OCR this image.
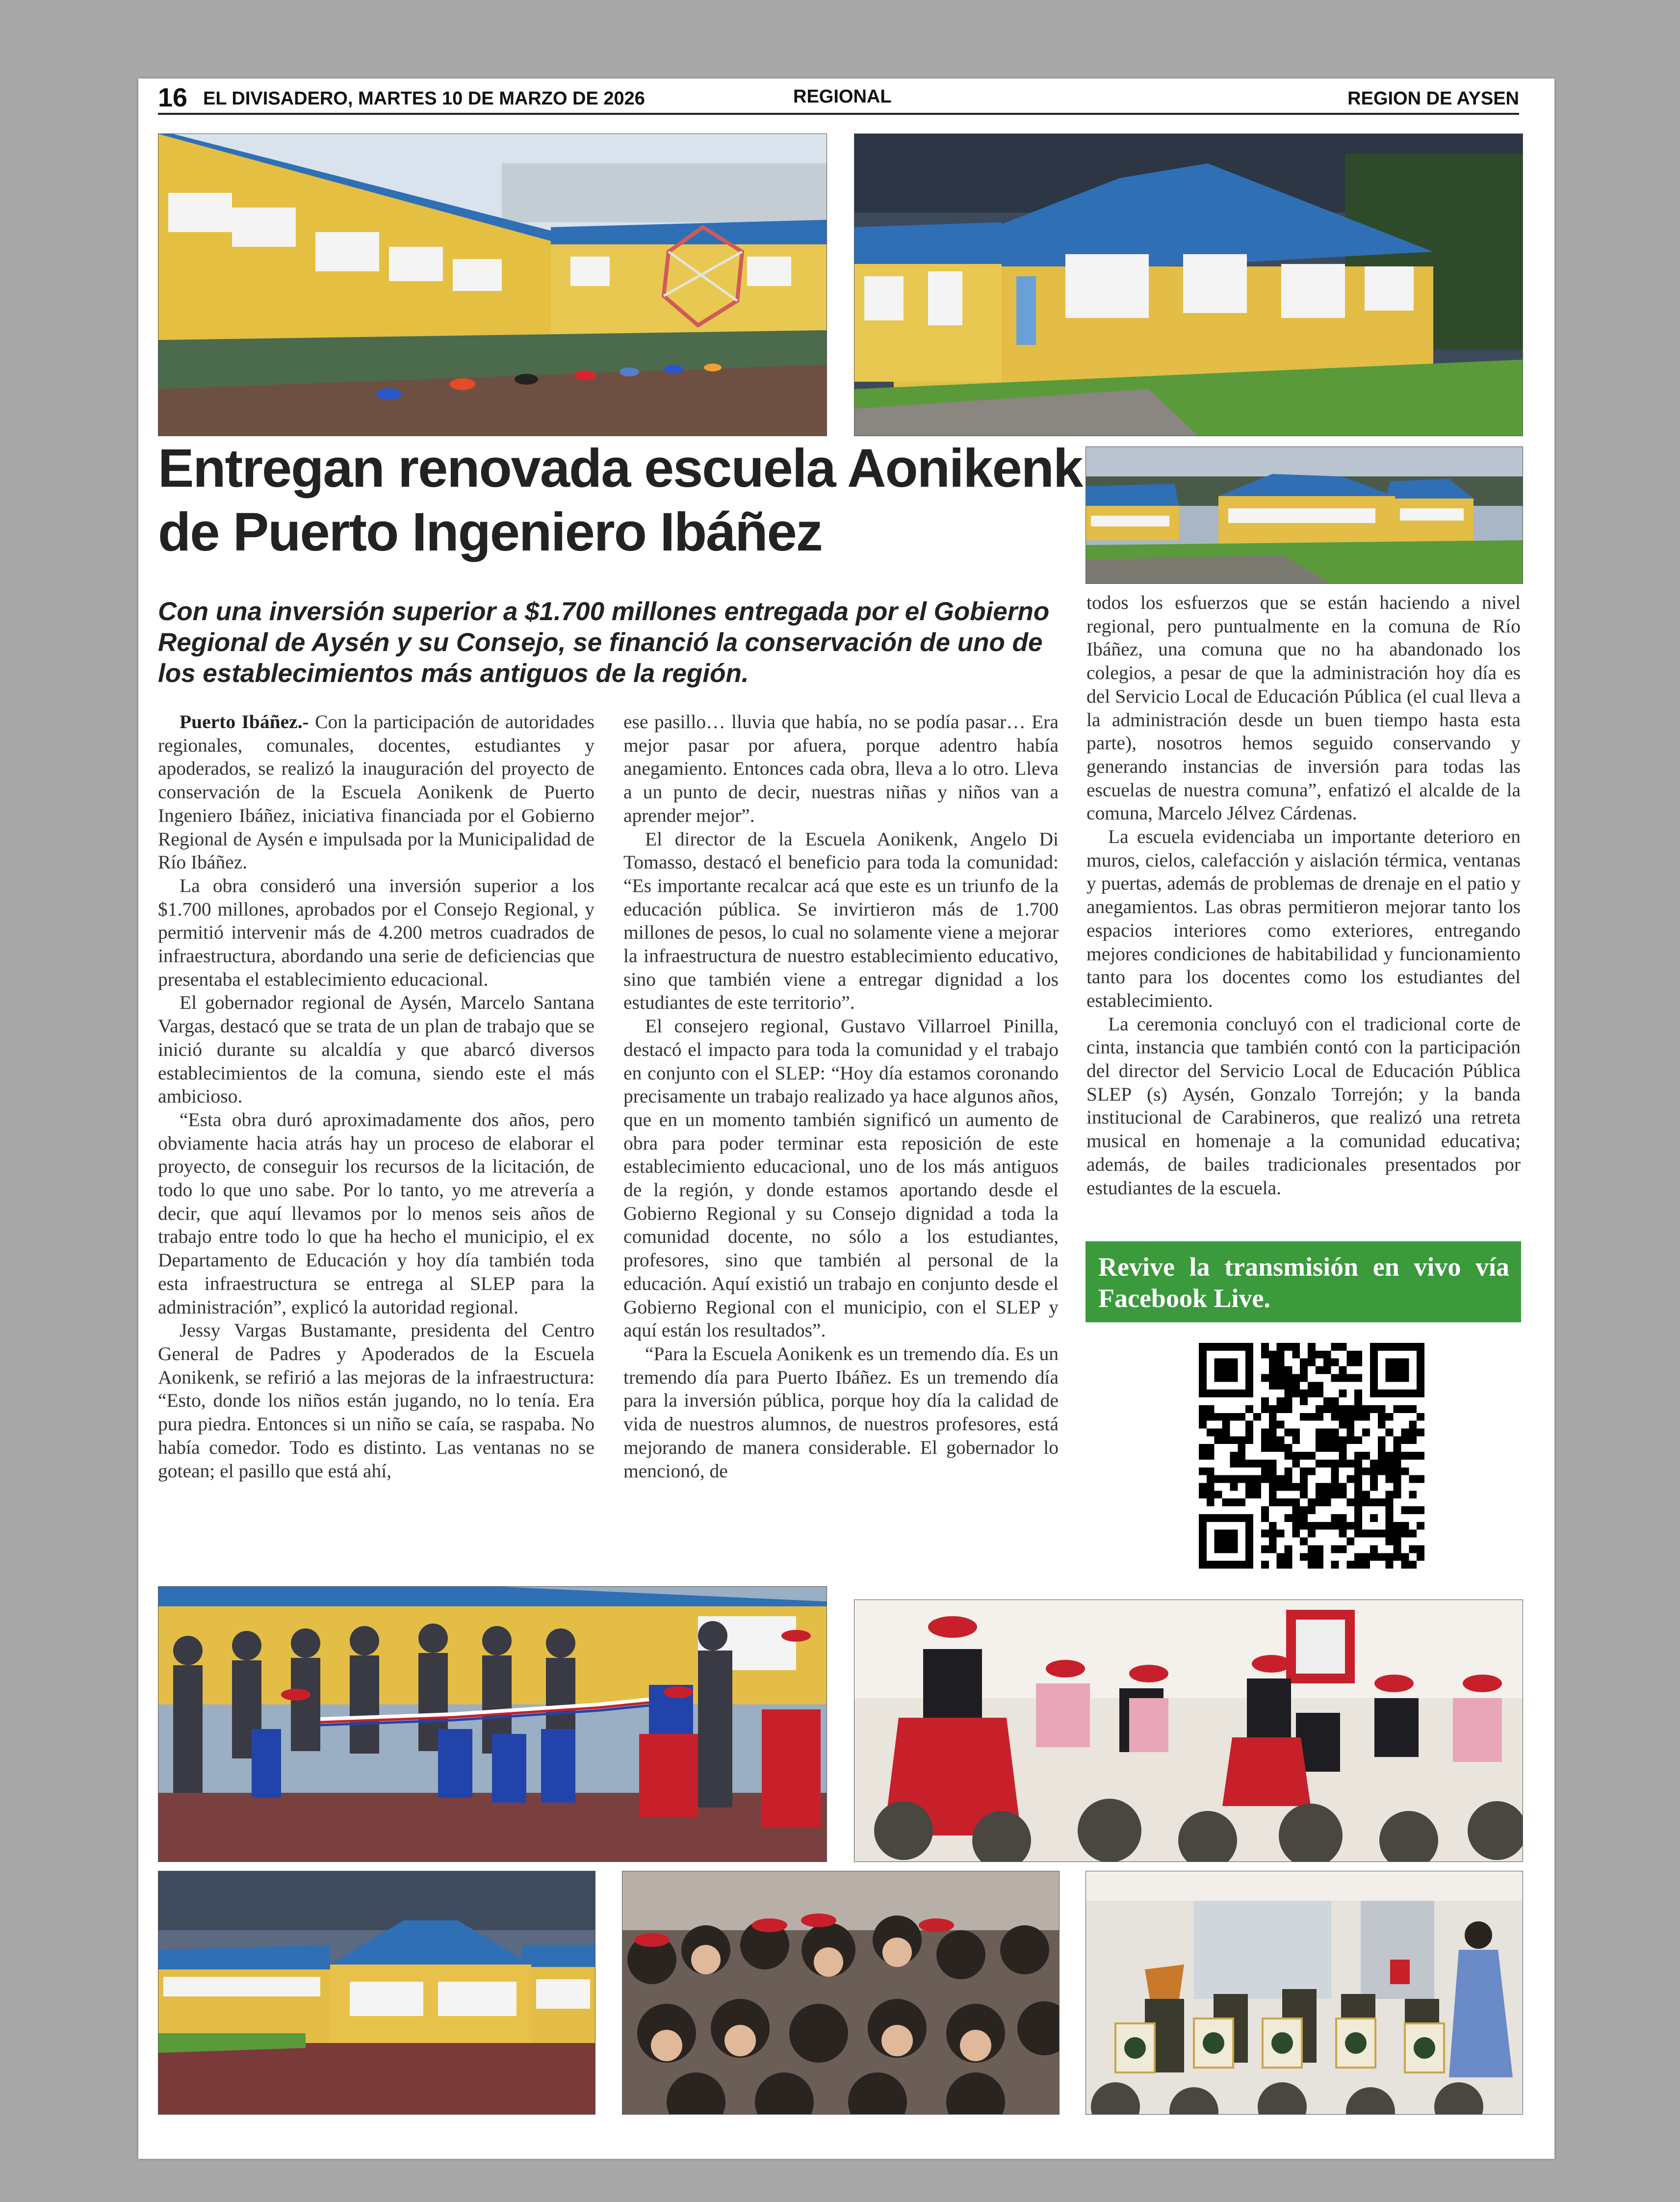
16 EL DIVISADERO, MARTES 10 DE MARZO DE 2026	REGIONAL	REGION DE AYSEN
Entregan renovada escuela Aonikenk de Puerto Ingeniero Ibáñez
Con una inversión superior a $1.700 millones entregada por el Gobierno Regional de Aysén y su Consejo, se financió la conservación de uno de los establecimientos más antiguos de la región.

Puerto Ibáñez.- Con la participación de autoridades regionales, comunales, docentes, estudiantes y apoderados, se realizó la inauguración del proyecto de conservación de la Escuela Aonikenk de Puerto Ingeniero Ibáñez, iniciativa financiada por el Gobierno Regional de Aysén e impulsada por la Municipalidad de Río Ibáñez.

La obra consideró una inversión superior a los $1.700 millones, aprobados por el Consejo Regional, y permitió intervenir más de 4.200 metros cuadrados de infraestructura, abordando una serie de deficiencias que presentaba el establecimiento educacional.

El gobernador regional de Aysén, Marcelo Santana Vargas, destacó que se trata de un plan de trabajo que se inició durante su alcaldía y que abarcó diversos establecimientos de la comuna, siendo este el más ambicioso.

“Esta obra duró aproximadamente dos años, pero obviamente hacia atrás hay un proceso de elaborar el proyecto, de conseguir los recursos de la licitación, de todo lo que uno sabe. Por lo tanto, yo me atrevería a decir, que aquí llevamos por lo menos seis años de trabajo entre todo lo que ha hecho el municipio, el ex Departamento de Educación y hoy día también toda esta infraestructura se entrega al SLEP para la administración”, explicó la autoridad regional.

Jessy Vargas Bustamante, presidenta del Centro General de Padres y Apoderados de la Escuela Aonikenk, se refirió a las mejoras de la infraestructura: “Esto, donde los niños están jugando, no lo tenía. Era pura piedra. Entonces si un niño se caía, se raspaba. No había comedor. Todo es distinto. Las ventanas no se gotean; el pasillo que está ahí,

ese pasillo… lluvia que había, no se podía pasar… Era mejor pasar por afuera, porque adentro había anegamiento. Entonces cada obra, lleva a lo otro. Lleva a un punto de decir, nuestras niñas y niños van a aprender mejor”.

El director de la Escuela Aonikenk, Angelo Di Tomasso, destacó el beneficio para toda la comunidad: “Es importante recalcar acá que este es un triunfo de la educación pública. Se invirtieron más de 1.700 millones de pesos, lo cual no solamente viene a mejorar la infraestructura de nuestro establecimiento educativo, sino que también viene a entregar dignidad a los estudiantes de este territorio”.

El consejero regional, Gustavo Villarroel Pinilla, destacó el impacto para toda la comunidad y el trabajo en conjunto con el SLEP: “Hoy día estamos coronando precisamente un trabajo realizado ya hace algunos años, que en un momento también significó un aumento de obra para poder terminar esta reposición de este establecimiento educacional, uno de los más antiguos de la región, y donde estamos aportando desde el Gobierno Regional y su Consejo dignidad a toda la comunidad docente, no sólo a los estudiantes, profesores, sino que también al personal de la educación. Aquí existió un trabajo en conjunto desde el Gobierno Regional con el municipio, con el SLEP y aquí están los resultados”.

“Para la Escuela Aonikenk es un tremendo día. Es un tremendo día para Puerto Ibáñez. Es un tremendo día para la inversión pública, porque hoy día la calidad de vida de nuestros alumnos, de nuestros profesores, está mejorando de manera considerable. El gobernador lo mencionó, de

todos los esfuerzos que se están haciendo a nivel regional, pero puntualmente en la comuna de Río Ibáñez, una comuna que no ha abandonado los colegios, a pesar de que la administración hoy día es del Servicio Local de Educación Pública (el cual lleva a la administración desde un buen tiempo hasta esta parte), nosotros hemos seguido conservando y generando instancias de inversión para todas las escuelas de nuestra comuna”, enfatizó el alcalde de la comuna, Marcelo Jélvez Cárdenas.

La escuela evidenciaba un importante deterioro en muros, cielos, calefacción y aislación térmica, ventanas y puertas, además de problemas de drenaje en el patio y anegamientos. Las obras permitieron mejorar tanto los espacios interiores como exteriores, entregando mejores condiciones de habitabilidad y funcionamiento tanto para los docentes como los estudiantes del establecimiento.

La ceremonia concluyó con el tradicional corte de cinta, instancia que también contó con la participación del director del Servicio Local de Educación Pública SLEP (s) Aysén, Gonzalo Torrejón; y la banda institucional de Carabineros, que realizó una retreta musical en homenaje a la comunidad educativa; además, de bailes tradicionales presentados por estudiantes de la escuela.

Revive la transmisión en vivo vía Facebook Live.
